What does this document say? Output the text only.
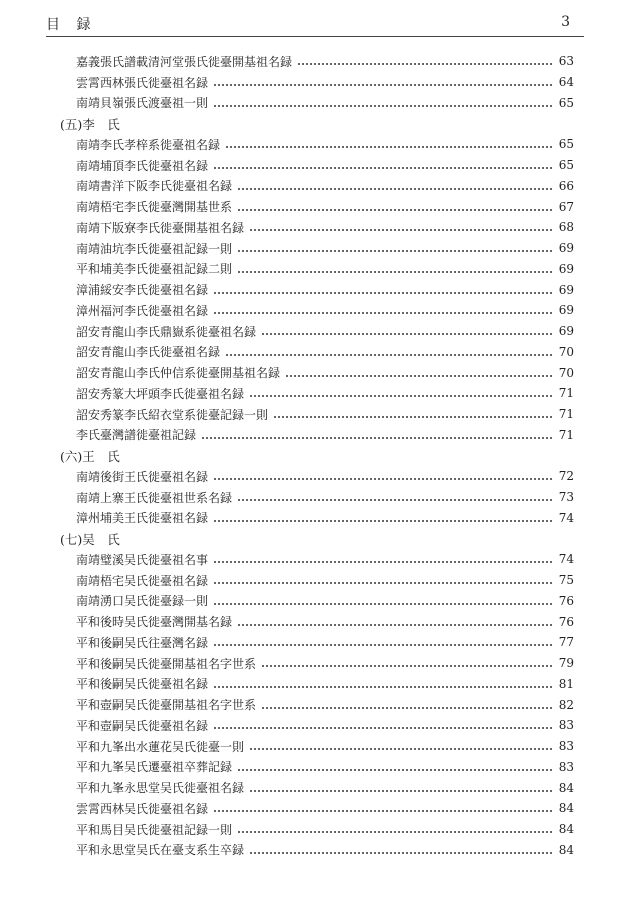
目 録	3
嘉義張氏譜載清河堂張氏徙臺開基祖名録	63
雲霄西林張氏徙臺祖名録	64
南靖貝嶺張氏渡臺祖一則	65
(五)李　氏
南靖李氏孝梓系徙臺祖名録	65
南靖埔頂李氏徙臺祖名録	65
南靖書洋下阪李氏徙臺祖名録	66
南靖梧宅李氏徙臺灣開基世系	67
南靖下版寮李氏徙臺開基祖名録	68
南靖油坑李氏徙臺祖記録一則	69
平和埔美李氏徙臺祖記録二則	69
漳浦綏安李氏徙臺祖名録	69
漳州福河李氏徙臺祖名録	69
詔安青龍山李氏鼎嶽系徙臺祖名録	69
詔安青龍山李氏徙臺祖名録	70
詔安青龍山李氏仲信系徙臺開基祖名録	70
詔安秀篆大坪頭李氏徙臺祖名録	71
詔安秀篆李氏紹衣堂系徙臺記録一則	71
李氏臺灣譜徙臺祖記録	71
(六)王　氏
南靖後街王氏徙臺祖名録	72
南靖上寨王氏徙臺祖世系名録	73
漳州埔美王氏徙臺祖名録	74
(七)吴　氏
南靖璧溪吴氏徙臺祖名事	74
南靖梧宅吴氏徙臺祖名録	75
南靖湧口吴氏徙臺録一則	76
平和後時吴氏徙臺灣開基名録	76
平和後嗣吴氏往臺灣名録	77
平和後嗣吴氏徙臺開基祖名字世系	79
平和後嗣吴氏徙臺祖名録	81
平和壺嗣吴氏徙臺開基祖名字世系	82
平和壺嗣吴氏徙臺祖名録	83
平和九峯出水蓮花吴氏徙臺一則	83
平和九峯吴氏遷臺祖卒葬記録	83
平和九峯永思堂吴氏徙臺祖名録	84
雲霄西林吴氏徙臺祖名録	84
平和馬目吴氏徙臺祖記録一則	84
平和永思堂吴氏在臺支系生卒録	84
